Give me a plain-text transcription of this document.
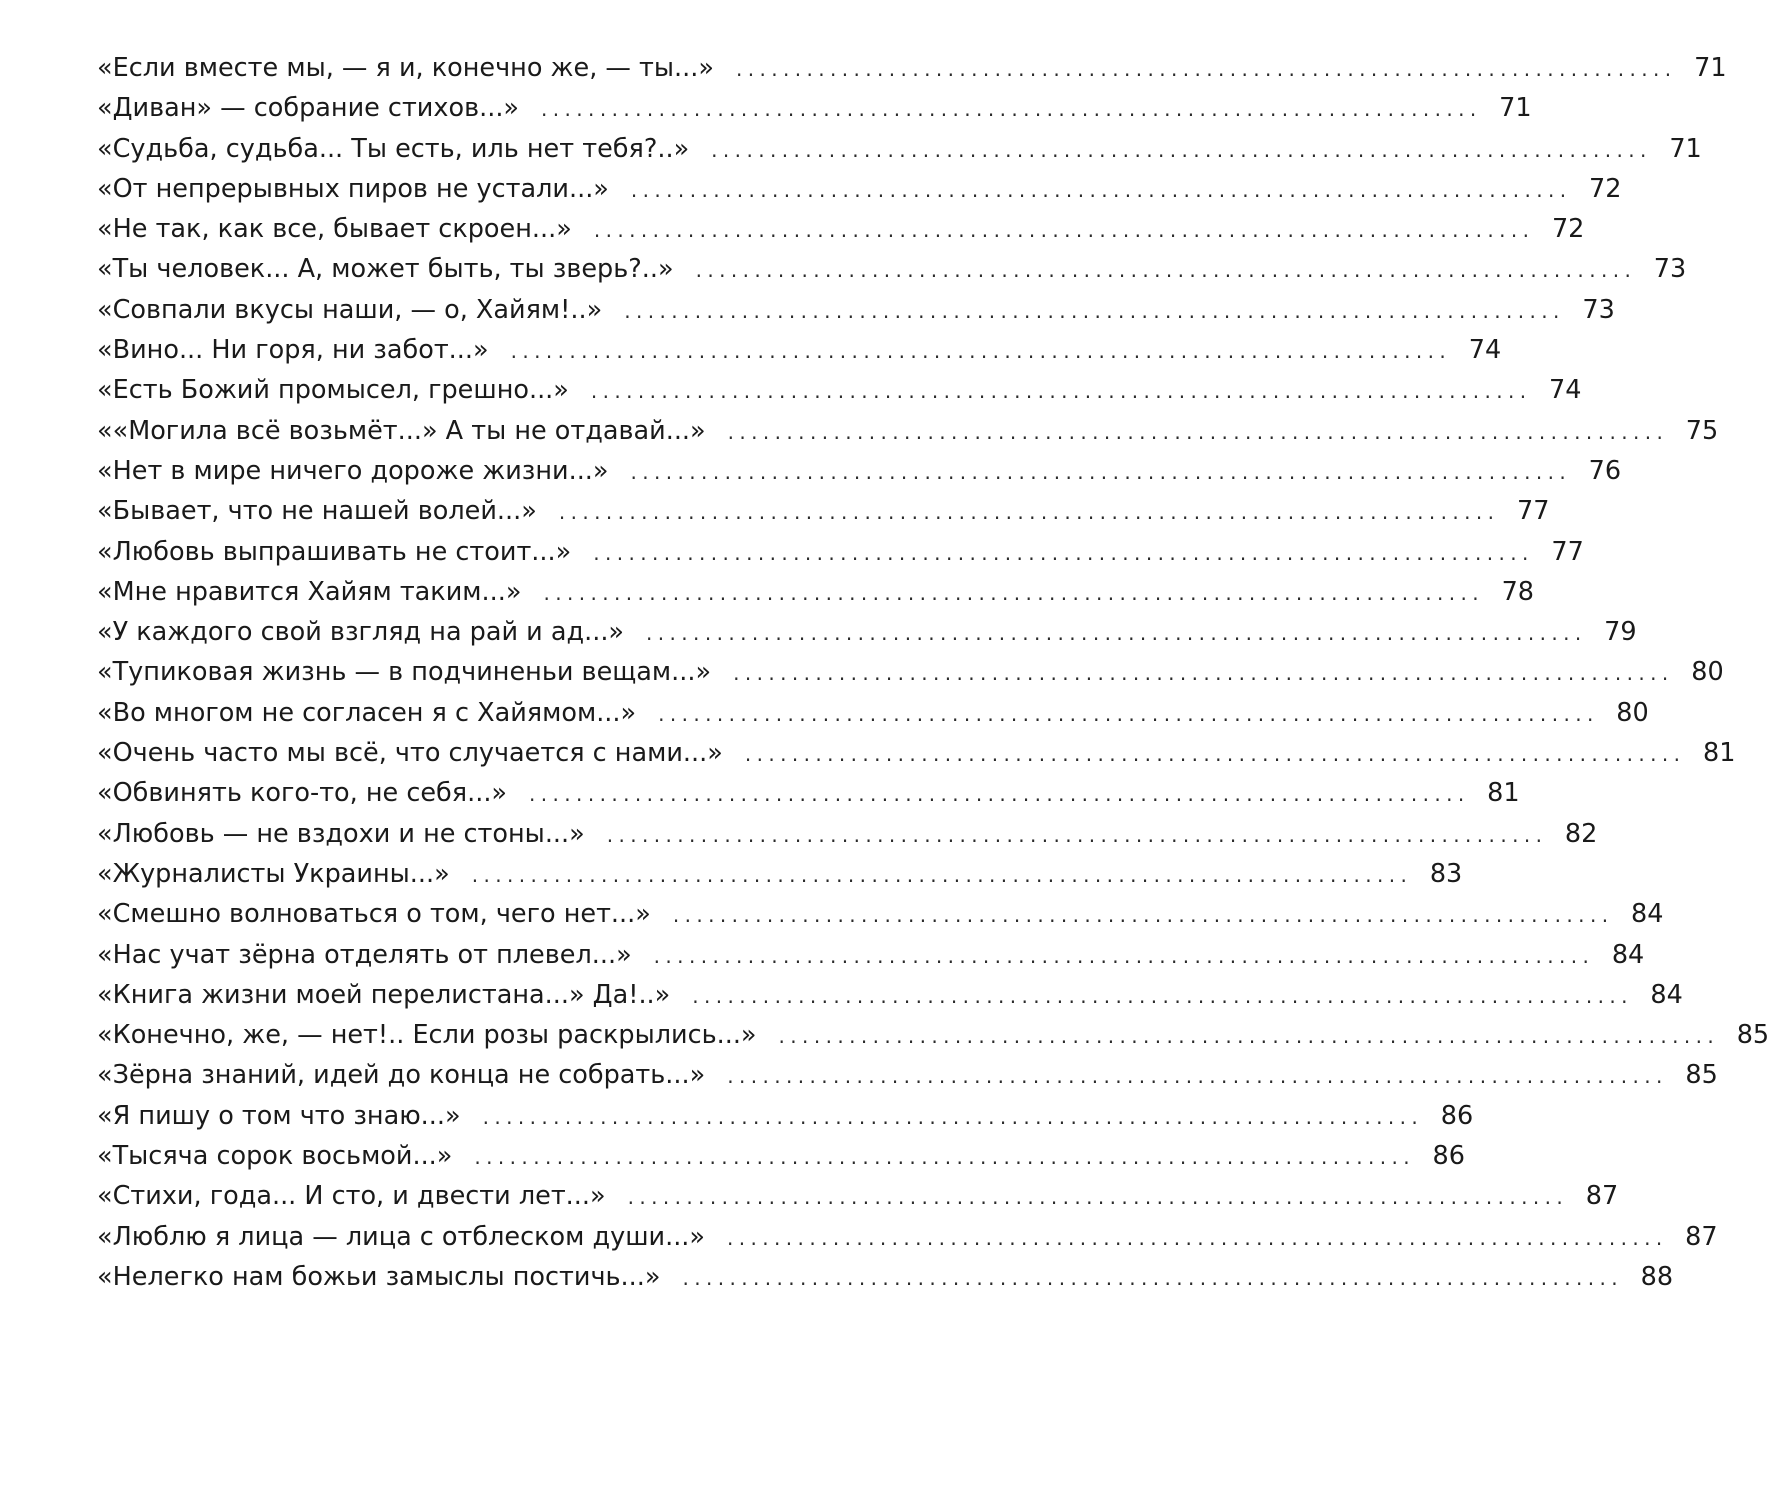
«Если вместе мы, — я и, конечно же, — ты...» ................................................................................ 71
«Диван» — собрание стихов...» ................................................................................ 71
«Судьба, судьба... Ты есть, иль нет тебя?..» ................................................................................ 71
«От непрерывных пиров не устали...» ................................................................................ 72
«Не так, как все, бывает скроен...» ................................................................................ 72
«Ты человек... А, может быть, ты зверь?..» ................................................................................ 73
«Совпали вкусы наши, — о, Хайям!..» ................................................................................ 73
«Вино... Ни горя, ни забот...» ................................................................................ 74
«Есть Божий промысел, грешно...» ................................................................................ 74
««Могила всё возьмёт...» А ты не отдавай...» ................................................................................ 75
«Нет в мире ничего дороже жизни...» ................................................................................ 76
«Бывает, что не нашей волей...» ................................................................................ 77
«Любовь выпрашивать не стоит...» ................................................................................ 77
«Мне нравится Хайям таким...» ................................................................................ 78
«У каждого свой взгляд на рай и ад...» ................................................................................ 79
«Тупиковая жизнь — в подчиненьи вещам...» ................................................................................ 80
«Во многом не согласен я с Хайямом...» ................................................................................ 80
«Очень часто мы всё, что случается с нами...» ................................................................................ 81
«Обвинять кого-то, не себя...» ................................................................................ 81
«Любовь — не вздохи и не стоны...» ................................................................................ 82
«Журналисты Украины...» ................................................................................ 83
«Смешно волноваться о том, чего нет...» ................................................................................ 84
«Нас учат зёрна отделять от плевел...» ................................................................................ 84
«Книга жизни моей перелистана...» Да!..» ................................................................................ 84
«Конечно, же, — нет!.. Если розы раскрылись...» ................................................................................ 85
«Зёрна знаний, идей до конца не собрать...» ................................................................................ 85
«Я пишу о том что знаю...» ................................................................................ 86
«Тысяча сорок восьмой...» ................................................................................ 86
«Стихи, года... И сто, и двести лет...» ................................................................................ 87
«Люблю я лица — лица с отблеском души...» ................................................................................ 87
«Нелегко нам божьи замыслы постичь...» ................................................................................ 88
